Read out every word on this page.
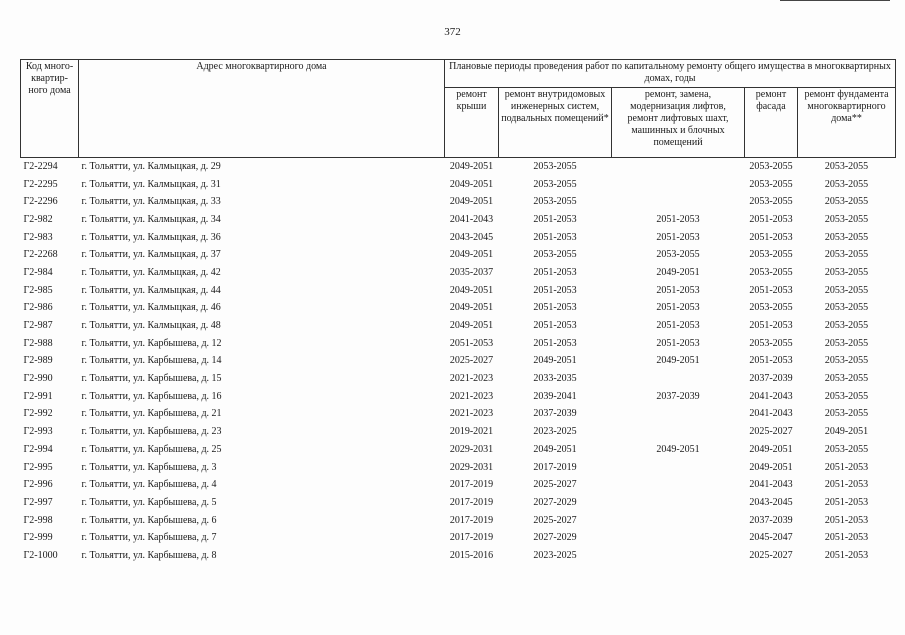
372
Код много-квартир-ного дома	Адрес многоквартирного дома	Плановые периоды проведения работ по капитальному ремонту общего имущества в многоквартирных домах, годы				
		ремонт крыши	ремонт внутридомовых инженерных систем, подвальных помещений*	ремонт, замена, модернизация лифтов, ремонт лифтовых шахт, машинных и блочных помещений	ремонт фасада	ремонт фундамента многоквартирного дома**
Г2-2294	г. Тольятти, ул. Калмыцкая, д. 29	2049-2051	2053-2055		2053-2055	2053-2055
Г2-2295	г. Тольятти, ул. Калмыцкая, д. 31	2049-2051	2053-2055		2053-2055	2053-2055
Г2-2296	г. Тольятти, ул. Калмыцкая, д. 33	2049-2051	2053-2055		2053-2055	2053-2055
Г2-982	г. Тольятти, ул. Калмыцкая, д. 34	2041-2043	2051-2053	2051-2053	2051-2053	2053-2055
Г2-983	г. Тольятти, ул. Калмыцкая, д. 36	2043-2045	2051-2053	2051-2053	2051-2053	2053-2055
Г2-2268	г. Тольятти, ул. Калмыцкая, д. 37	2049-2051	2053-2055	2053-2055	2053-2055	2053-2055
Г2-984	г. Тольятти, ул. Калмыцкая, д. 42	2035-2037	2051-2053	2049-2051	2053-2055	2053-2055
Г2-985	г. Тольятти, ул. Калмыцкая, д. 44	2049-2051	2051-2053	2051-2053	2051-2053	2053-2055
Г2-986	г. Тольятти, ул. Калмыцкая, д. 46	2049-2051	2051-2053	2051-2053	2053-2055	2053-2055
Г2-987	г. Тольятти, ул. Калмыцкая, д. 48	2049-2051	2051-2053	2051-2053	2051-2053	2053-2055
Г2-988	г. Тольятти, ул. Карбышева, д. 12	2051-2053	2051-2053	2051-2053	2053-2055	2053-2055
Г2-989	г. Тольятти, ул. Карбышева, д. 14	2025-2027	2049-2051	2049-2051	2051-2053	2053-2055
Г2-990	г. Тольятти, ул. Карбышева, д. 15	2021-2023	2033-2035		2037-2039	2053-2055
Г2-991	г. Тольятти, ул. Карбышева, д. 16	2021-2023	2039-2041	2037-2039	2041-2043	2053-2055
Г2-992	г. Тольятти, ул. Карбышева, д. 21	2021-2023	2037-2039		2041-2043	2053-2055
Г2-993	г. Тольятти, ул. Карбышева, д. 23	2019-2021	2023-2025		2025-2027	2049-2051
Г2-994	г. Тольятти, ул. Карбышева, д. 25	2029-2031	2049-2051	2049-2051	2049-2051	2053-2055
Г2-995	г. Тольятти, ул. Карбышева, д. 3	2029-2031	2017-2019		2049-2051	2051-2053
Г2-996	г. Тольятти, ул. Карбышева, д. 4	2017-2019	2025-2027		2041-2043	2051-2053
Г2-997	г. Тольятти, ул. Карбышева, д. 5	2017-2019	2027-2029		2043-2045	2051-2053
Г2-998	г. Тольятти, ул. Карбышева, д. 6	2017-2019	2025-2027		2037-2039	2051-2053
Г2-999	г. Тольятти, ул. Карбышева, д. 7	2017-2019	2027-2029		2045-2047	2051-2053
Г2-1000	г. Тольятти, ул. Карбышева, д. 8	2015-2016	2023-2025		2025-2027	2051-2053
